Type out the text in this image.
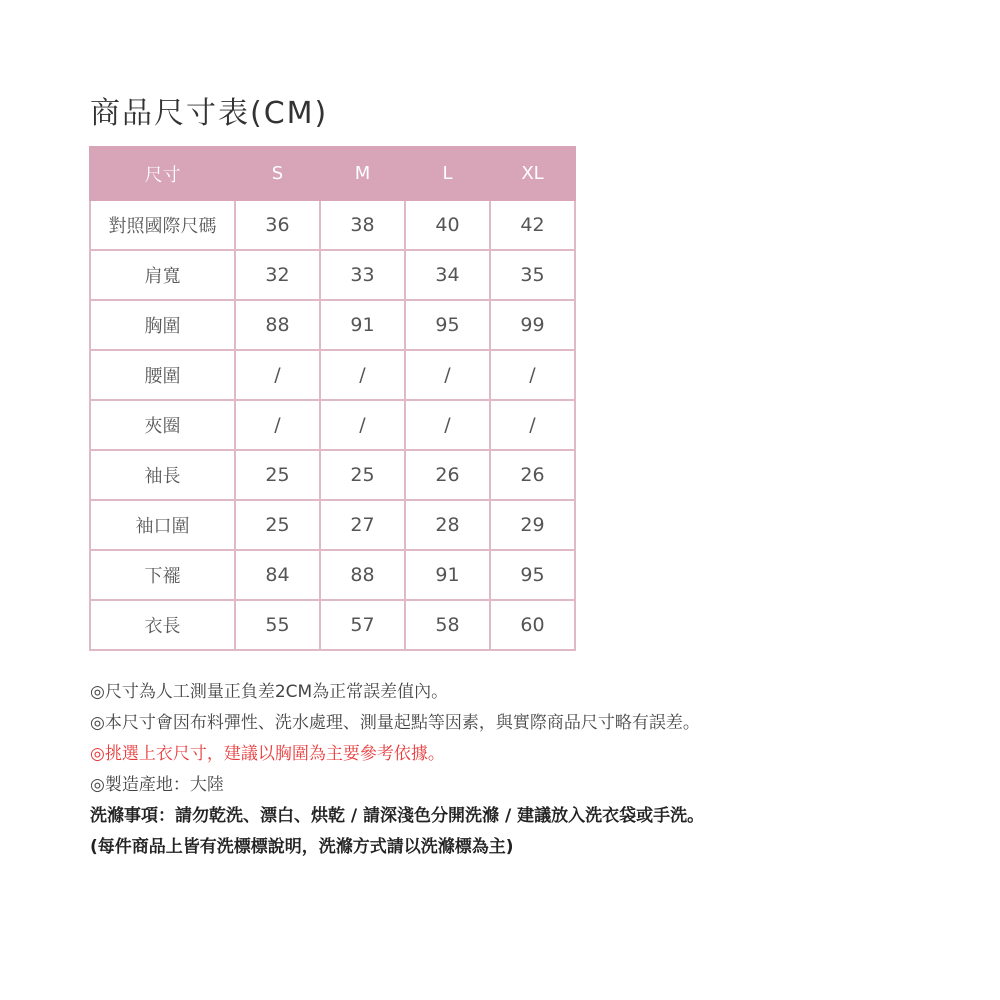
商品尺寸表(CM)
尺寸	S	M	L	XL
對照國際尺碼	36	38	40	42
肩寬	32	33	34	35
胸圍	88	91	95	99
腰圍	/	/	/	/
夾圈	/	/	/	/
袖長	25	25	26	26
袖口圍	25	27	28	29
下襬	84	88	91	95
衣長	55	57	58	60
◎尺寸為人工測量正負差2CM為正常誤差值內。
◎本尺寸會因布料彈性、洗水處理、測量起點等因素，與實際商品尺寸略有誤差。
◎挑選上衣尺寸，建議以胸圍為主要參考依據。
◎製造產地：大陸
洗滌事項：請勿乾洗、漂白、烘乾 / 請深淺色分開洗滌 / 建議放入洗衣袋或手洗。
(每件商品上皆有洗標標說明，洗滌方式請以洗滌標為主)
